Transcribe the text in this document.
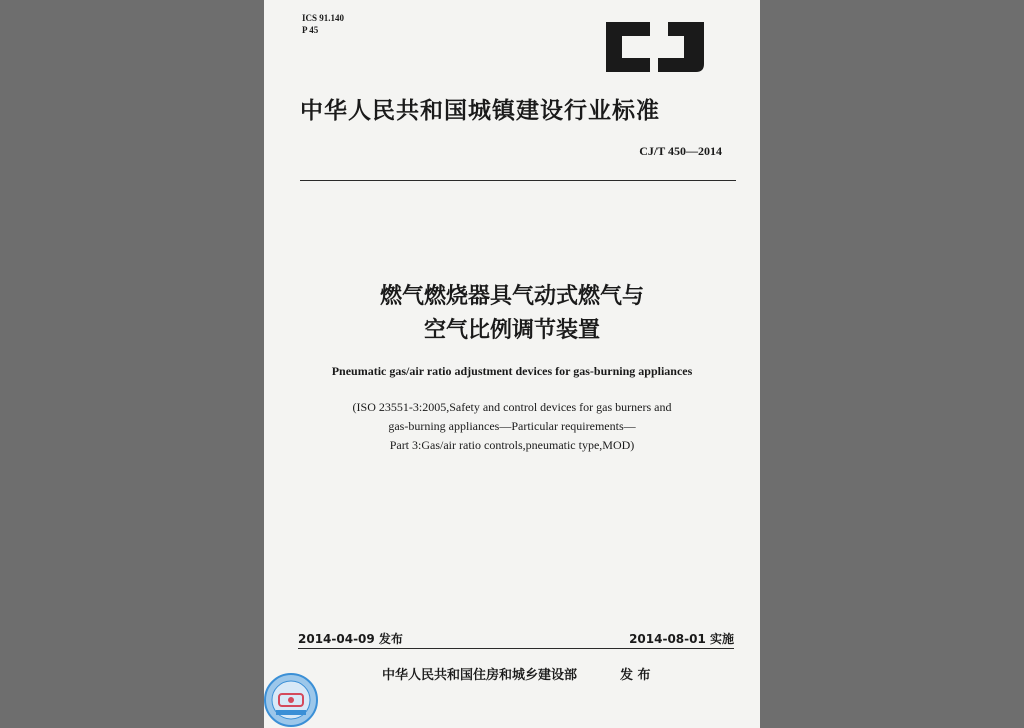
ICS 91.140
P 45
中华人民共和国城镇建设行业标准
CJ/T 450—2014
燃气燃烧器具气动式燃气与
空气比例调节装置
Pneumatic gas/air ratio adjustment devices for gas-burning appliances
(ISO 23551-3:2005,Safety and control devices for gas burners and
gas-burning appliances—Particular requirements—
Part 3:Gas/air ratio controls,pneumatic type,MOD)
2014-04-09 发布	2014-08-01 实施
中华人民共和国住房和城乡建设部	发 布
